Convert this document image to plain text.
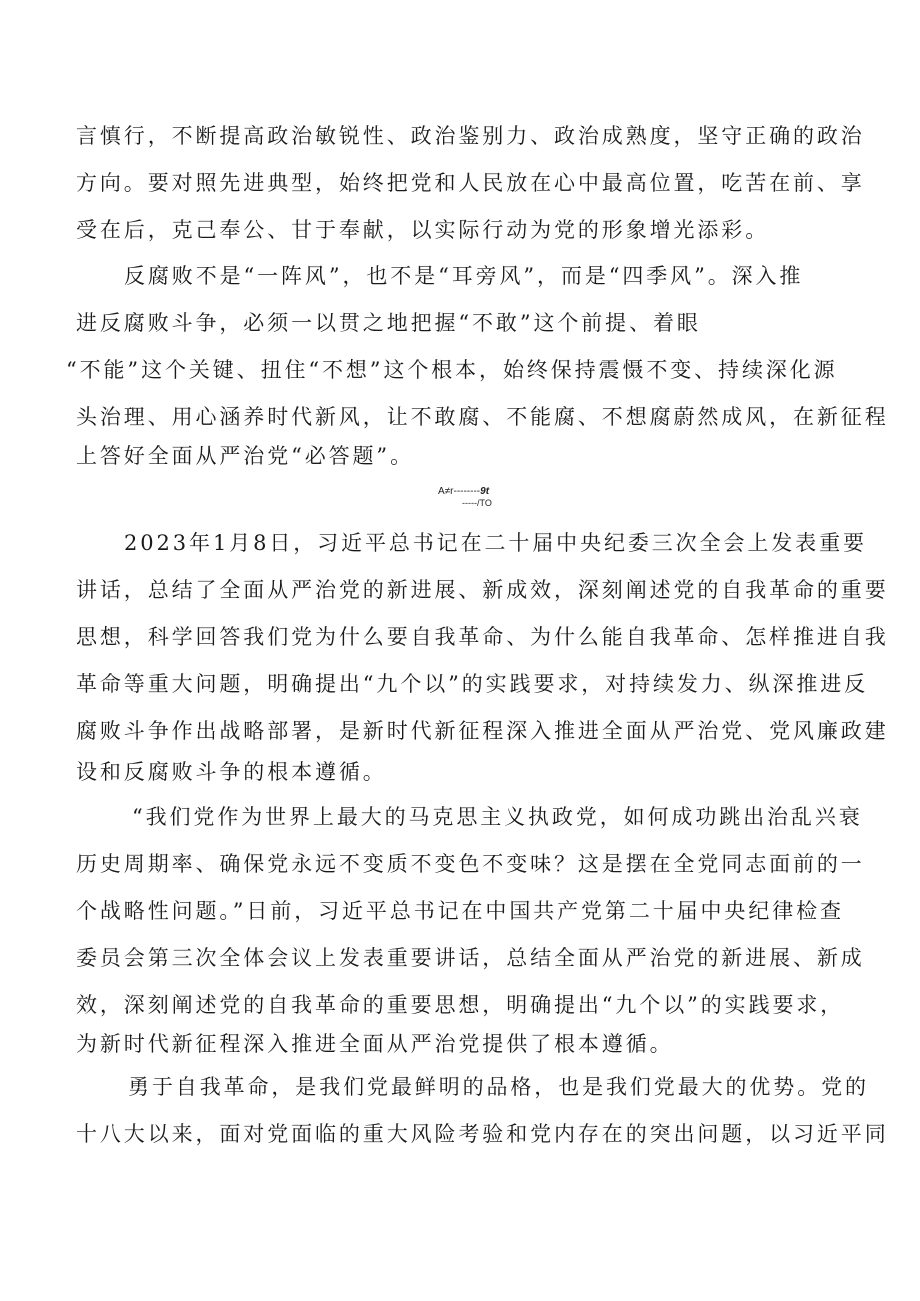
言慎行，不断提高政治敏锐性、政治鉴别力、政治成熟度，坚守正确的政治
方向。要对照先进典型，始终把党和人民放在心中最高位置，吃苦在前、享
受在后，克己奉公、甘于奉献，以实际行动为党的形象增光添彩。
反腐败不是“一阵风”，也不是“耳旁风”，而是“四季风”。深入推
进反腐败斗争，必须一以贯之地把握“不敢”这个前提、着眼
“不能”这个关键、扭住“不想”这个根本，始终保持震慑不变、持续深化源
头治理、用心涵养时代新风，让不敢腐、不能腐、不想腐蔚然成风，在新征程
上答好全面从严治党“必答题”。
A≠r--------9t
-----/TO
2023年1月8日，习近平总书记在二十届中央纪委三次全会上发表重要
讲话，总结了全面从严治党的新进展、新成效，深刻阐述党的自我革命的重要
思想，科学回答我们党为什么要自我革命、为什么能自我革命、怎样推进自我
革命等重大问题，明确提出“九个以”的实践要求，对持续发力、纵深推进反
腐败斗争作出战略部署，是新时代新征程深入推进全面从严治党、党风廉政建
设和反腐败斗争的根本遵循。
“我们党作为世界上最大的马克思主义执政党，如何成功跳出治乱兴衰
历史周期率、确保党永远不变质不变色不变味？这是摆在全党同志面前的一
个战略性问题。”日前，习近平总书记在中国共产党第二十届中央纪律检查
委员会第三次全体会议上发表重要讲话，总结全面从严治党的新进展、新成
效，深刻阐述党的自我革命的重要思想，明确提出“九个以”的实践要求，
为新时代新征程深入推进全面从严治党提供了根本遵循。
勇于自我革命，是我们党最鲜明的品格，也是我们党最大的优势。党的
十八大以来，面对党面临的重大风险考验和党内存在的突出问题，以习近平同
